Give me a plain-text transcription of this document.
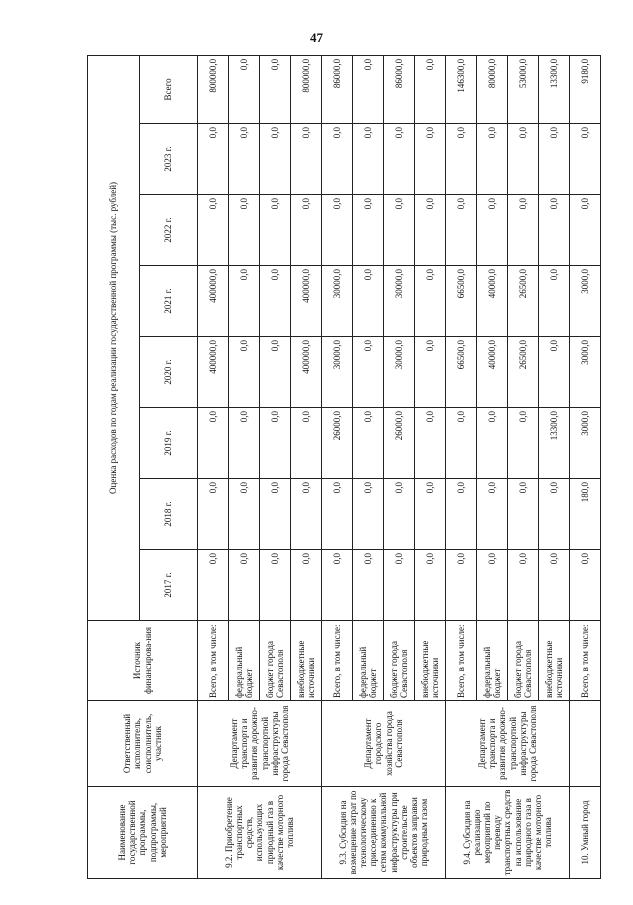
47
Наименование государственной программы, подпрограммы, мероприятий	Ответственный исполнитель, соисполнитель, участник	Источник финансирова-ния	Оценка расходов по годам реализации государственной программы (тыс. рублей)							
			2017 г.	2018 г.	2019 г.	2020 г.	2021 г.	2022 г.	2023 г.	Всего
9.2. Приобретение транспортных средств, использующих природный газ в качестве моторного топлива	Департамент транспорта и развития дорожно-транспортной инфраструктуры города Севастополя	Всего, в том числе:	0,0	0,0	0,0	400000,0	400000,0	0,0	0,0	800000,0
		федеральный бюджет	0,0	0,0	0,0	0,0	0,0	0,0	0,0	0,0
		бюджет города Севастополя	0,0	0,0	0,0	0,0	0,0	0,0	0,0	0,0
		внебюджетные источники	0,0	0,0	0,0	400000,0	400000,0	0,0	0,0	800000,0
9.3. Субсидия на возмещение затрат по технологическому присоединению к сетям коммунальной инфраструктуры при строительстве объектов заправки природным газом	Департамент городского хозяйства города Севастополя	Всего, в том числе:	0,0	0,0	26000,0	30000,0	30000,0	0,0	0,0	86000,0
		федеральный бюджет	0,0	0,0	0,0	0,0	0,0	0,0	0,0	0,0
		бюджет города Севастополя	0,0	0,0	26000,0	30000,0	30000,0	0,0	0,0	86000,0
		внебюджетные источники	0,0	0,0	0,0	0,0	0,0	0,0	0,0	0,0
9.4. Субсидия на реализацию мероприятий по переводу транспортных средств на использование природного газа в качестве моторного топлива	Департамент транспорта и развития дорожно-транспортной инфраструктуры города Севастополя	Всего, в том числе:	0,0	0,0	0,0	66500,0	66500,0	0,0	0,0	146300,0
		федеральный бюджет	0,0	0,0	0,0	40000,0	40000,0	0,0	0,0	80000,0
		бюджет города Севастополя	0,0	0,0	0,0	26500,0	26500,0	0,0	0,0	53000,0
		внебюджетные источники	0,0	0,0	13300,0	0,0	0,0	0,0	0,0	13300,0
10. Умный город		Всего, в том числе:	0,0	180,0	3000,0	3000,0	3000,0	0,0	0,0	9180,0
